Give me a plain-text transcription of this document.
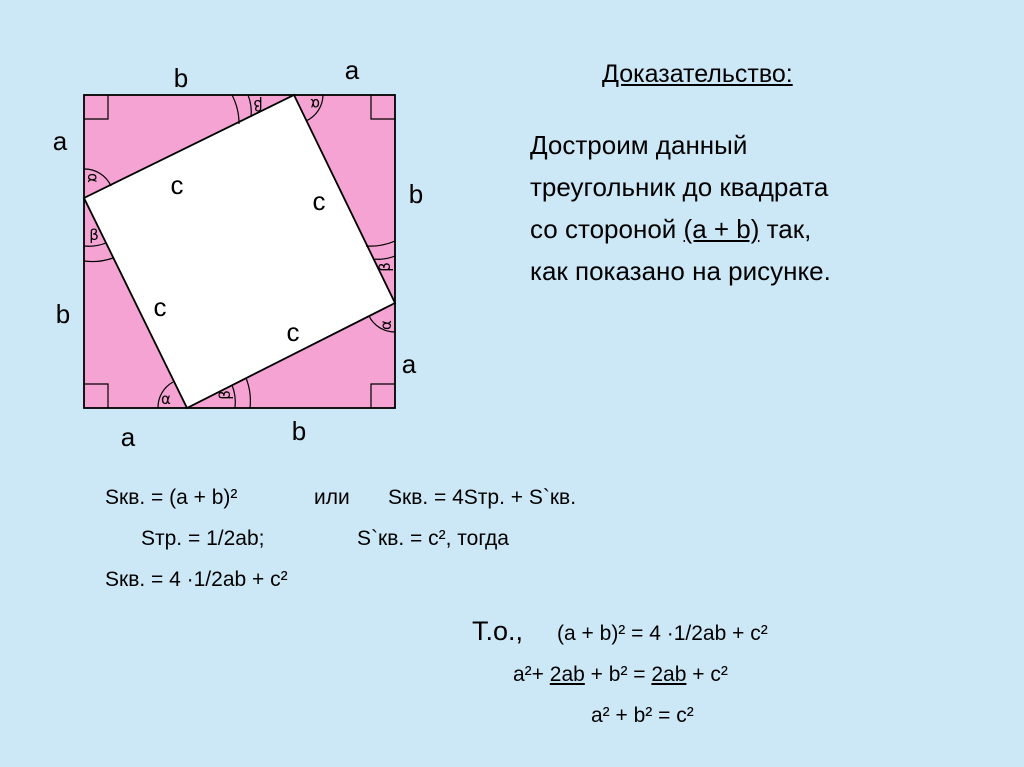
α
α
α
α
β
β
β
β
b	a
a
b
b
a
a	b
c
c
c
c
Доказательство:
Достроим данный
треугольник до квадрата
со стороной (a + b) так,
как показано на рисунке.
Sкв. = (a + b)²	или Sкв. = 4Sтр. + S`кв.
Sтр. = 1/2ab;	S`кв. = c², тогда
Sкв. = 4 ·1/2ab + c²
Т.о., (a + b)² = 4 ·1/2ab + c²
a²+ 2ab + b² = 2ab + c²
a² + b² = c²
